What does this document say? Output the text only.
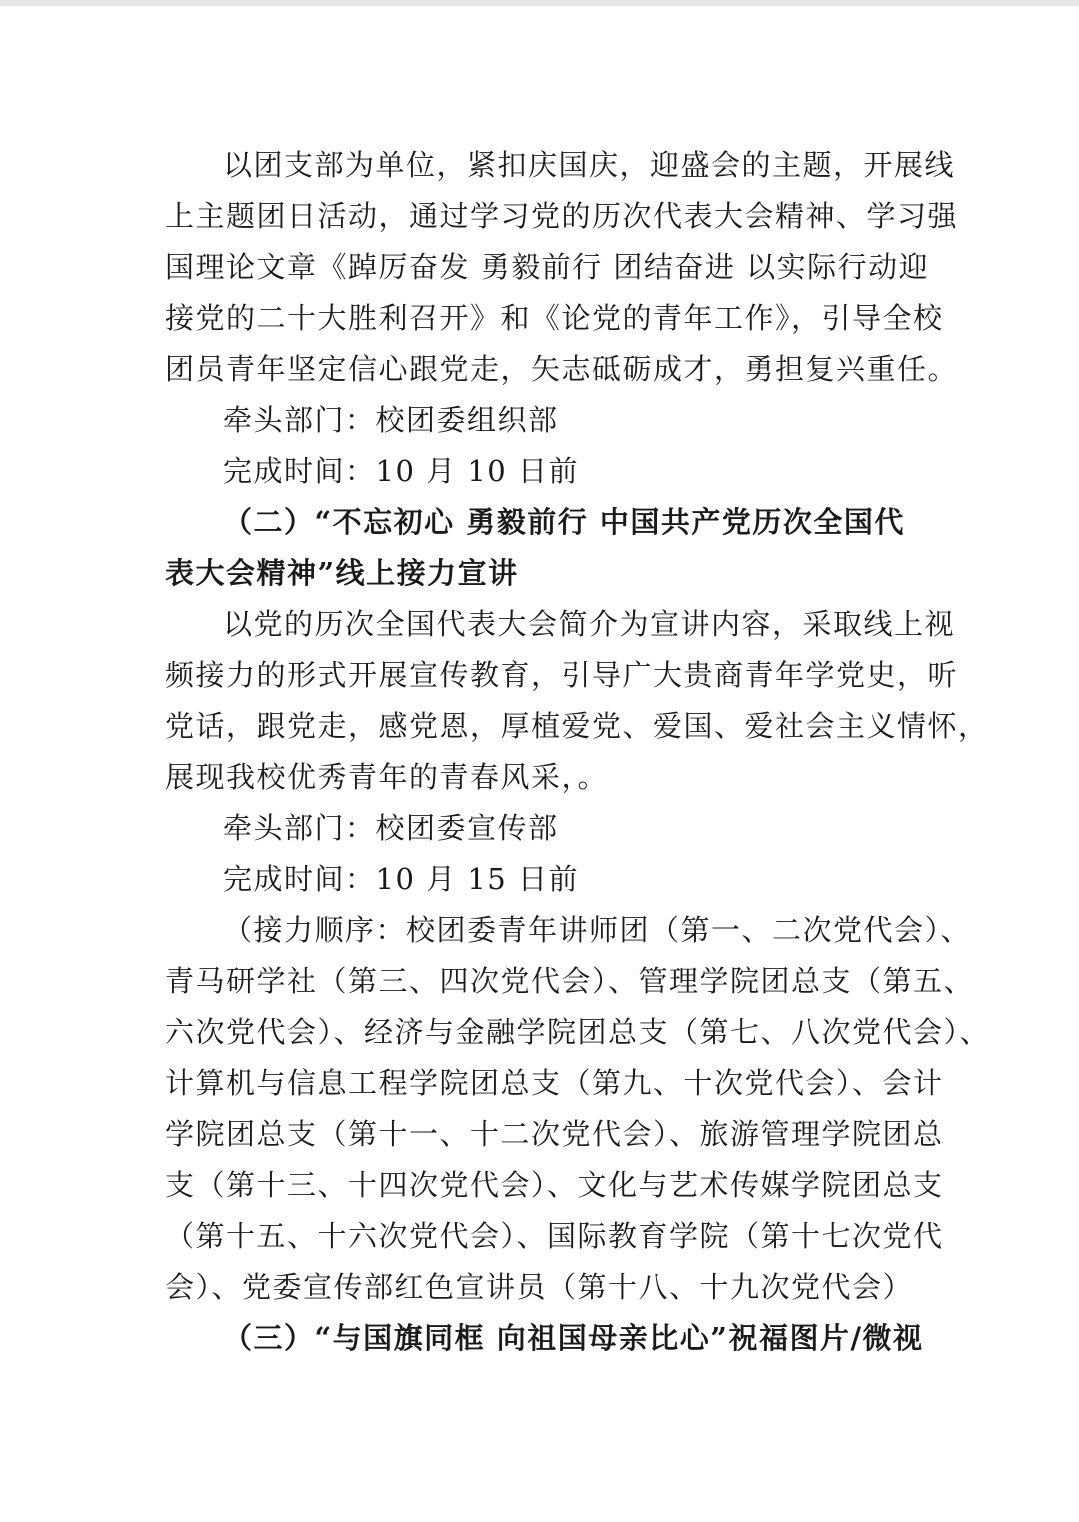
以团支部为单位，紧扣庆国庆，迎盛会的主题，开展线
上主题团日活动，通过学习党的历次代表大会精神、学习强
国理论文章《踔厉奋发 勇毅前行 团结奋进 以实际行动迎
接党的二十大胜利召开》和《论党的青年工作》，引导全校
团员青年坚定信心跟党走，矢志砥砺成才，勇担复兴重任。
牵头部门：校团委组织部
完成时间：10 月 10 日前
（二）“不忘初心 勇毅前行 中国共产党历次全国代
表大会精神”线上接力宣讲
以党的历次全国代表大会简介为宣讲内容，采取线上视
频接力的形式开展宣传教育，引导广大贵商青年学党史，听
党话，跟党走，感党恩，厚植爱党、爱国、爱社会主义情怀，
展现我校优秀青年的青春风采，。
牵头部门：校团委宣传部
完成时间：10 月 15 日前
（接力顺序：校团委青年讲师团（第一、二次党代会）、
青马研学社（第三、四次党代会）、管理学院团总支（第五、
六次党代会）、经济与金融学院团总支（第七、八次党代会）、
计算机与信息工程学院团总支（第九、十次党代会）、会计
学院团总支（第十一、十二次党代会）、旅游管理学院团总
支（第十三、十四次党代会）、文化与艺术传媒学院团总支
（第十五、十六次党代会）、国际教育学院（第十七次党代
会）、党委宣传部红色宣讲员（第十八、十九次党代会）
（三）“与国旗同框 向祖国母亲比心”祝福图片/微视
